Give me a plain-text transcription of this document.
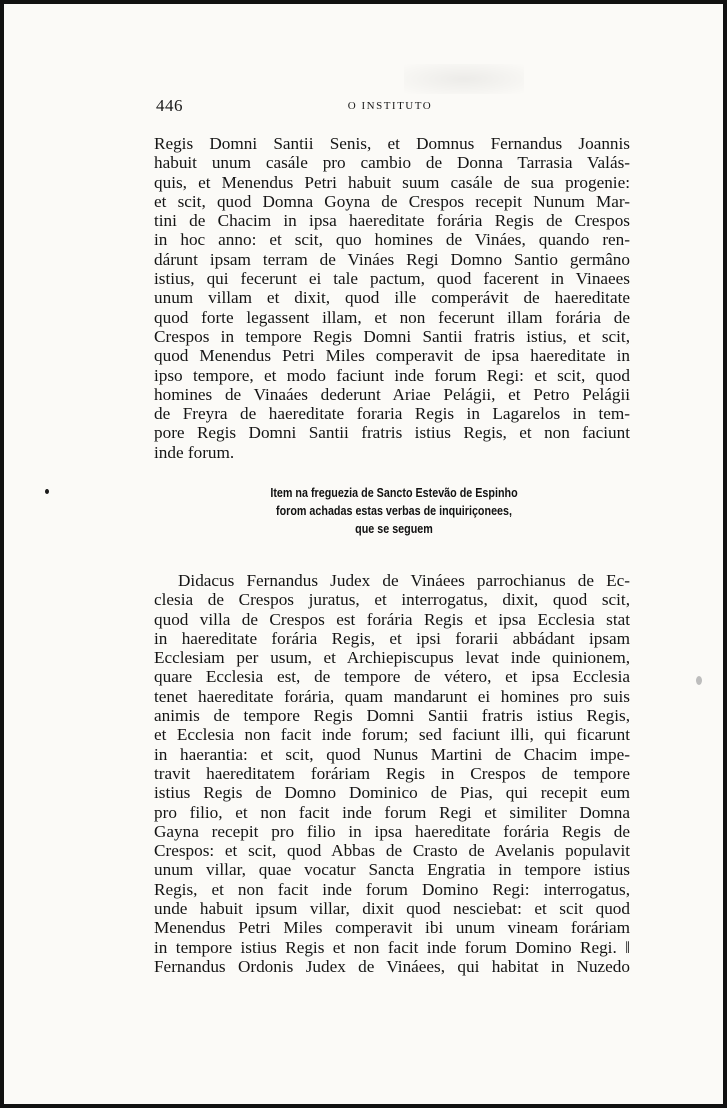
446	O INSTITUTO
Regis Domni Santii Senis, et Domnus Fernandus Joannis
habuit unum casále pro cambio de Donna Tarrasia Valás-
quis, et Menendus Petri habuit suum casále de sua progenie:
et scit, quod Domna Goyna de Crespos recepit Nunum Mar-
tini de Chacim in ipsa haereditate forária Regis de Crespos
in hoc anno: et scit, quo homines de Vináes, quando ren-
dárunt ipsam terram de Vináes Regi Domno Santio germâno
istius, qui fecerunt ei tale pactum, quod facerent in Vinaees
unum villam et dixit, quod ille comperávit de haereditate
quod forte legassent illam, et non fecerunt illam forária de
Crespos in tempore Regis Domni Santii fratris istius, et scit,
quod Menendus Petri Miles comperavit de ipsa haereditate in
ipso tempore, et modo faciunt inde forum Regi: et scit, quod
homines de Vinaáes dederunt Ariae Pelágii, et Petro Pelágii
de Freyra de haereditate foraria Regis in Lagarelos in tem-
pore Regis Domni Santii fratris istius Regis, et non faciunt
inde forum.
Item na freguezia de Sancto Estevão de Espinho
forom achadas estas verbas de inquiriçonees,
que se seguem
Didacus Fernandus Judex de Vináees parrochianus de Ec-
clesia de Crespos juratus, et interrogatus, dixit, quod scit,
quod villa de Crespos est forária Regis et ipsa Ecclesia stat
in haereditate forária Regis, et ipsi forarii abbádant ipsam
Ecclesiam per usum, et Archiepiscupus levat inde quinionem,
quare Ecclesia est, de tempore de vétero, et ipsa Ecclesia
tenet haereditate forária, quam mandarunt ei homines pro suis
animis de tempore Regis Domni Santii fratris istius Regis,
et Ecclesia non facit inde forum; sed faciunt illi, qui ficarunt
in haerantia: et scit, quod Nunus Martini de Chacim impe-
travit haereditatem foráriam Regis in Crespos de tempore
istius Regis de Domno Dominico de Pias, qui recepit eum
pro filio, et non facit inde forum Regi et similiter Domna
Gayna recepit pro filio in ipsa haereditate forária Regis de
Crespos: et scit, quod Abbas de Crasto de Avelanis populavit
unum villar, quae vocatur Sancta Engratia in tempore istius
Regis, et non facit inde forum Domino Regi: interrogatus,
unde habuit ipsum villar, dixit quod nesciebat: et scit quod
Menendus Petri Miles comperavit ibi unum vineam foráriam
in tempore istius Regis et non facit inde forum Domino Regi. ‖
Fernandus Ordonis Judex de Vináees, qui habitat in Nuzedo
